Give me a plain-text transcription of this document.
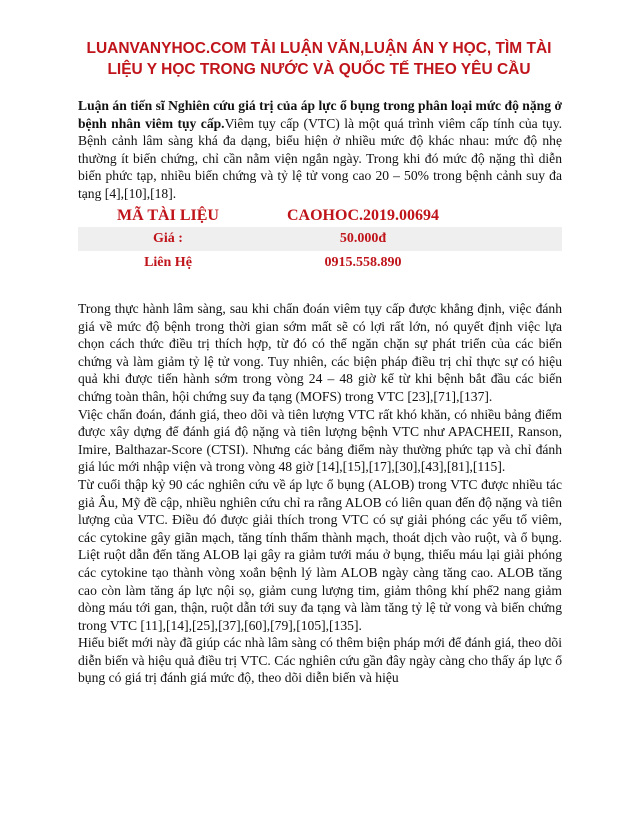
LUANVANYHOC.COM TẢI LUẬN VĂN,LUẬN ÁN Y HỌC, TÌM TÀI
LIỆU Y HỌC TRONG NƯỚC VÀ QUỐC TẾ THEO YÊU CẦU
Luận án tiến sĩ Nghiên cứu giá trị của áp lực ổ bụng trong phân loại mức độ nặng ở bệnh nhân viêm tụy cấp.Viêm tụy cấp (VTC) là một quá trình viêm cấp tính của tụy. Bệnh cảnh lâm sàng khá đa dạng, biểu hiện ở nhiều mức độ khác nhau: mức độ nhẹ thường ít biến chứng, chỉ cần nằm viện ngắn ngày. Trong khi đó mức độ nặng thì diễn biến phức tạp, nhiều biến chứng và tỷ lệ tử vong cao 20 – 50% trong bệnh cảnh suy đa tạng [4],[10],[18].
MÃ TÀI LIỆU	CAOHOC.2019.00694
Giá :	50.000đ
Liên Hệ	0915.558.890

Trong thực hành lâm sàng, sau khi chẩn đoán viêm tụy cấp được khẳng định, việc đánh giá về mức độ bệnh trong thời gian sớm mất sẽ có lợi rất lớn, nó quyết định việc lựa chọn cách thức điều trị thích hợp, từ đó có thể ngăn chặn sự phát triển của các biến chứng và làm giảm tỷ lệ tử vong. Tuy nhiên, các biện pháp điều trị chỉ thực sự có hiệu quả khi được tiến hành sớm trong vòng 24 – 48 giờ kể từ khi bệnh bắt đầu các biến chứng toàn thân, hội chứng suy đa tạng (MOFS) trong VTC [23],[71],[137].

Việc chẩn đoán, đánh giá, theo dõi và tiên lượng VTC rất khó khăn, có nhiều bảng điểm được xây dựng để đánh giá độ nặng và tiên lượng bệnh VTC như APACHEII, Ranson, Imire, Balthazar-Score (CTSI). Nhưng các bảng điểm này thường phức tạp và chỉ đánh giá lúc mới nhập viện và trong vòng 48 giờ [14],[15],[17],[30],[43],[81],[115].

Từ cuối thập kỷ 90 các nghiên cứu về áp lực ổ bụng (ALOB) trong VTC được nhiều tác giả Âu, Mỹ đề cập, nhiều nghiên cứu chỉ ra rằng ALOB có liên quan đến độ nặng và tiên lượng của VTC. Điều đó được giải thích trong VTC có sự giải phóng các yếu tố viêm, các cytokine gây giãn mạch, tăng tính thấm thành mạch, thoát dịch vào ruột, và ổ bụng. Liệt ruột dẫn đến tăng ALOB lại gây ra giảm tưới máu ở bụng, thiếu máu lại giải phóng các cytokine tạo thành vòng xoắn bệnh lý làm ALOB ngày càng tăng cao. ALOB tăng cao còn làm tăng áp lực nội sọ, giảm cung lượng tim, giảm thông khí phế2 nang giảm dòng máu tới gan, thận, ruột dẫn tới suy đa tạng và làm tăng tỷ lệ tử vong và biến chứng trong VTC [11],[14],[25],[37],[60],[79],[105],[135].

Hiểu biết mới này đã giúp các nhà lâm sàng có thêm biện pháp mới để đánh giá, theo dõi diễn biến và hiệu quả điều trị VTC. Các nghiên cứu gần đây ngày càng cho thấy áp lực ổ bụng có giá trị đánh giá mức độ, theo dõi diễn biến và hiệu
